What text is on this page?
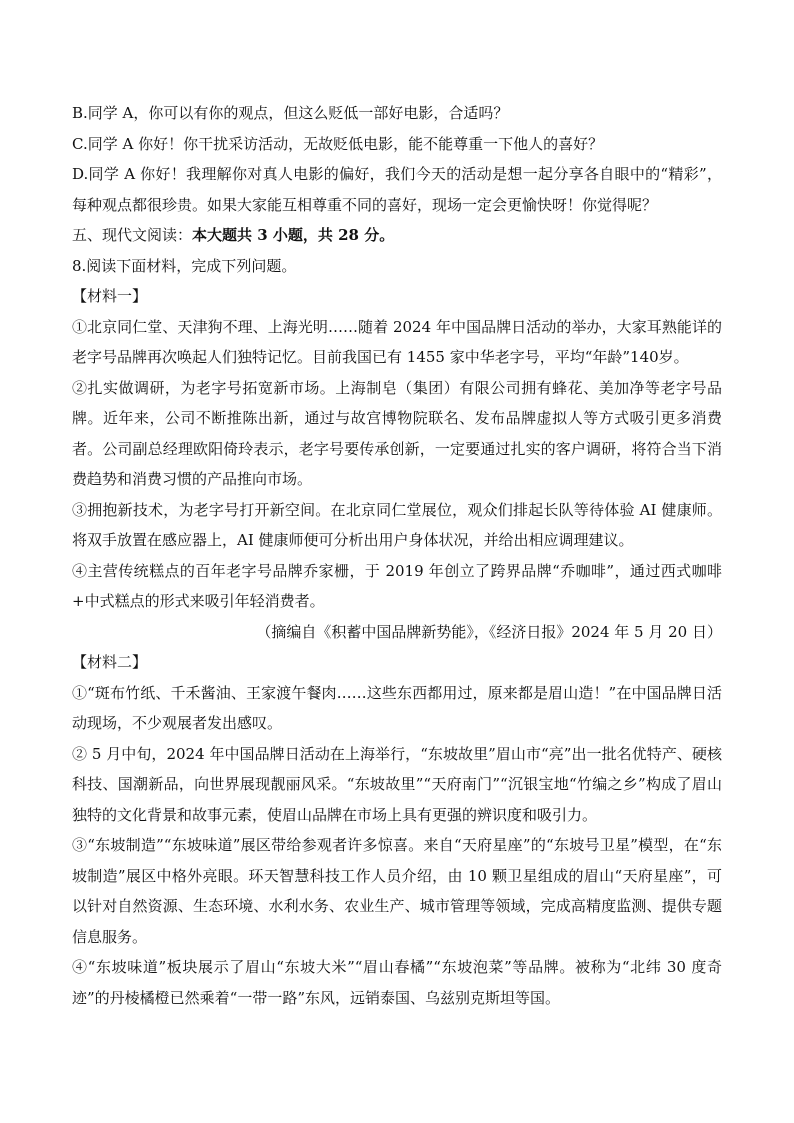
B.同学 A，你可以有你的观点，但这么贬低一部好电影，合适吗？

C.同学 A 你好！你干扰采访活动，无故贬低电影，能不能尊重一下他人的喜好？

D.同学 A 你好！我理解你对真人电影的偏好，我们今天的活动是想一起分享各自眼中的“精彩”，每种观点都很珍贵。如果大家能互相尊重不同的喜好，现场一定会更愉快呀！你觉得呢？

五、现代文阅读：本大题共 3 小题，共 28 分。

8.阅读下面材料，完成下列问题。

【材料一】

①北京同仁堂、天津狗不理、上海光明……随着 2024 年中国品牌日活动的举办，大家耳熟能详的老字号品牌再次唤起人们独特记忆。目前我国已有 1455 家中华老字号，平均“年龄”140岁。

②扎实做调研，为老字号拓宽新市场。上海制皂（集团）有限公司拥有蜂花、美加净等老字号品牌。近年来，公司不断推陈出新，通过与故宫博物院联名、发布品牌虚拟人等方式吸引更多消费者。公司副总经理欧阳倚玲表示，老字号要传承创新，一定要通过扎实的客户调研，将符合当下消费趋势和消费习惯的产品推向市场。

③拥抱新技术，为老字号打开新空间。在北京同仁堂展位，观众们排起长队等待体验 AI 健康师。将双手放置在感应器上，AI 健康师便可分析出用户身体状况，并给出相应调理建议。

④主营传统糕点的百年老字号品牌乔家栅，于 2019 年创立了跨界品牌“乔咖啡”，通过西式咖啡+中式糕点的形式来吸引年轻消费者。

（摘编自《积蓄中国品牌新势能》，《经济日报》2024 年 5 月 20 日）

【材料二】

①“斑布竹纸、千禾酱油、王家渡午餐肉……这些东西都用过，原来都是眉山造！”在中国品牌日活动现场，不少观展者发出感叹。

② 5 月中旬，2024 年中国品牌日活动在上海举行，“东坡故里”眉山市“亮”出一批名优特产、硬核科技、国潮新品，向世界展现靓丽风采。“东坡故里”“天府南门”“沉银宝地“竹编之乡”构成了眉山独特的文化背景和故事元素，使眉山品牌在市场上具有更强的辨识度和吸引力。

③“东坡制造”“东坡味道”展区带给参观者许多惊喜。来自“天府星座”的“东坡号卫星”模型，在“东坡制造”展区中格外亮眼。环天智慧科技工作人员介绍，由 10 颗卫星组成的眉山“天府星座”，可以针对自然资源、生态环境、水利水务、农业生产、城市管理等领域，完成高精度监测、提供专题信息服务。

④“东坡味道”板块展示了眉山“东坡大米”“眉山春橘”“东坡泡菜”等品牌。被称为“北纬 30 度奇迹”的丹棱橘橙已然乘着“一带一路”东风，远销泰国、乌兹别克斯坦等国。
